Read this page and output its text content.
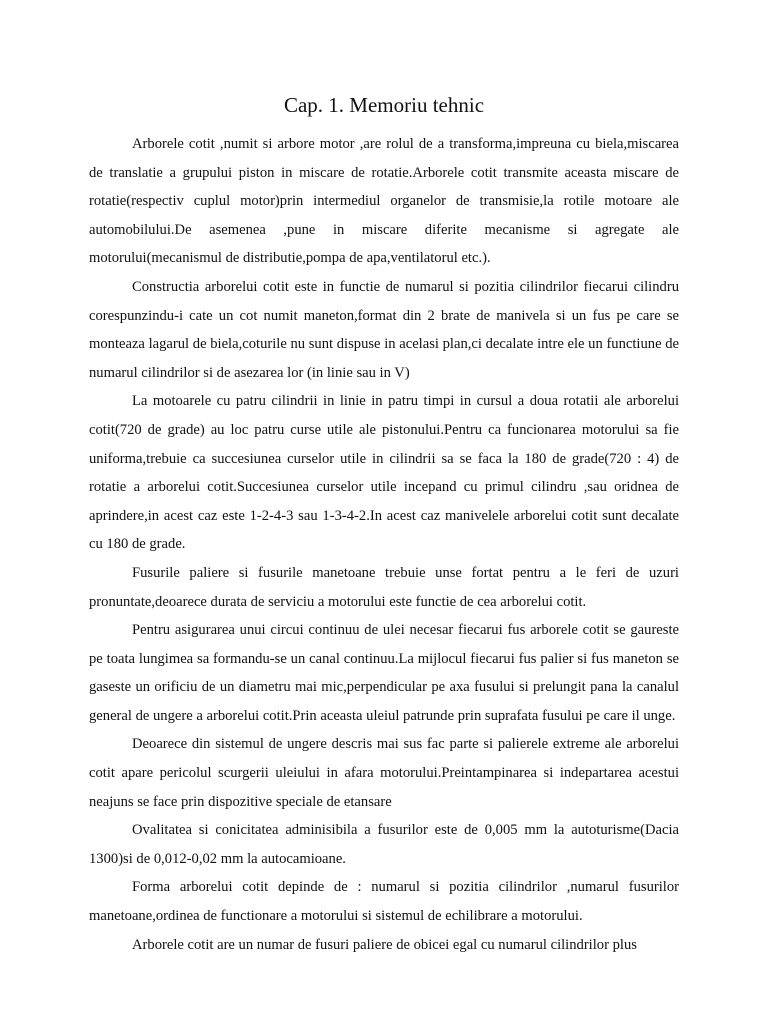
Cap. 1. Memoriu tehnic

Arborele cotit ,numit si arbore motor ,are rolul de a transforma,impreuna cu biela,miscarea de translatie a grupului piston in miscare de rotatie.Arborele cotit transmite aceasta miscare de rotatie(respectiv cuplul motor)prin intermediul organelor de transmisie,la rotile motoare ale automobilului.De asemenea ,pune in miscare diferite mecanisme si agregate ale motorului(mecanismul de distributie,pompa de apa,ventilatorul etc.).

Constructia arborelui cotit este in functie de numarul si pozitia cilindrilor fiecarui cilindru corespunzindu-i cate un cot numit maneton,format din 2 brate de manivela si un fus pe care se monteaza lagarul de biela,coturile nu sunt dispuse in acelasi plan,ci decalate intre ele un functiune de numarul cilindrilor si de asezarea lor (in linie sau in V)

La motoarele cu patru cilindrii in linie in patru timpi in cursul a doua rotatii ale arborelui cotit(720 de grade) au loc patru curse utile ale pistonului.Pentru ca funcionarea motorului sa fie uniforma,trebuie ca succesiunea curselor utile in cilindrii sa se faca la 180 de grade(720 : 4) de rotatie a arborelui cotit.Succesiunea curselor utile incepand cu primul cilindru ,sau oridnea de aprindere,in acest caz este 1-2-4-3 sau 1-3-4-2.In acest caz manivelele arborelui cotit sunt decalate cu 180 de grade.

Fusurile paliere si fusurile manetoane trebuie unse fortat pentru a le feri de uzuri pronuntate,deoarece durata de serviciu a motorului este functie de cea arborelui cotit.

Pentru asigurarea unui circui continuu de ulei necesar fiecarui fus arborele cotit se gaureste pe toata lungimea sa formandu-se un canal continuu.La mijlocul fiecarui fus palier si fus maneton se gaseste un orificiu de un diametru mai mic,perpendicular pe axa fusului si prelungit pana la canalul general de ungere a arborelui cotit.Prin aceasta uleiul patrunde prin suprafata fusului pe care il unge.

Deoarece din sistemul de ungere descris mai sus fac parte si palierele extreme ale arborelui cotit apare pericolul scurgerii uleiului in afara motorului.Preintampinarea si indepartarea acestui neajuns se face prin dispozitive speciale de etansare

Ovalitatea si conicitatea adminisibila a fusurilor este de 0,005 mm la autoturisme(Dacia 1300)si de 0,012-0,02 mm la autocamioane.

Forma arborelui cotit depinde de : numarul si pozitia cilindrilor ,numarul fusurilor manetoane,ordinea de functionare a motorului si sistemul de echilibrare a motorului.

Arborele cotit are un numar de fusuri paliere de obicei egal cu numarul cilindrilor plus
